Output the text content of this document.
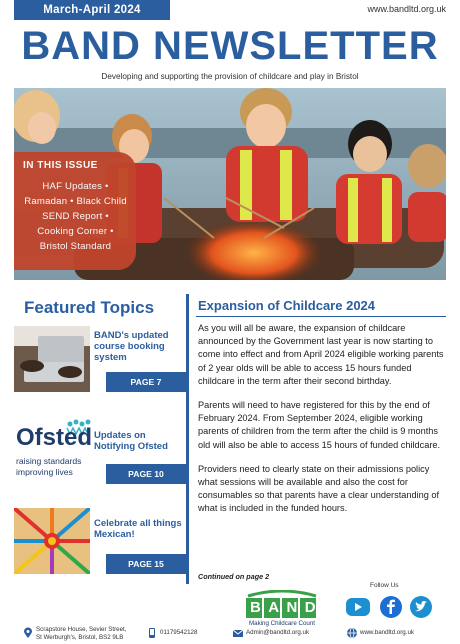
March-April 2024	www.bandltd.org.uk
BAND NEWSLETTER
Developing and supporting the provision of childcare and play in Bristol
IN THIS ISSUE
HAF Updates • Ramadan • Black Child SEND Report • Cooking Corner • Bristol Standard
Featured Topics
BAND's updated course booking system
PAGE 7
Ofsted
raising standards
improving lives
Updates on Notifying Ofsted
PAGE 10
Celebrate all things Mexican!
PAGE 15
Expansion of Childcare 2024

As you will all be aware, the expansion of childcare announced by the Government last year is now starting to come into effect and from April 2024 eligible working parents of 2 year olds will be able to access 15 hours funded childcare in the term after their second birthday.

Parents will need to have registered for this by the end of February 2024. From September 2024, eligible working parents of children from the term after the child is 9 months old will also be able to access 15 hours of funded childcare.

Providers need to clearly state on their admissions policy what sessions will be available and also the cost for consumables so that parents have a clear understanding of what is included in the funded hours.

Continued on page 2
BAND
Making Childcare Count
Follow Us
Scrapstore House, Sevier Street,
St Werburgh's, Bristol, BS2 9LB
01179542128	Admin@bandltd.org.uk	www.bandltd.org.uk
